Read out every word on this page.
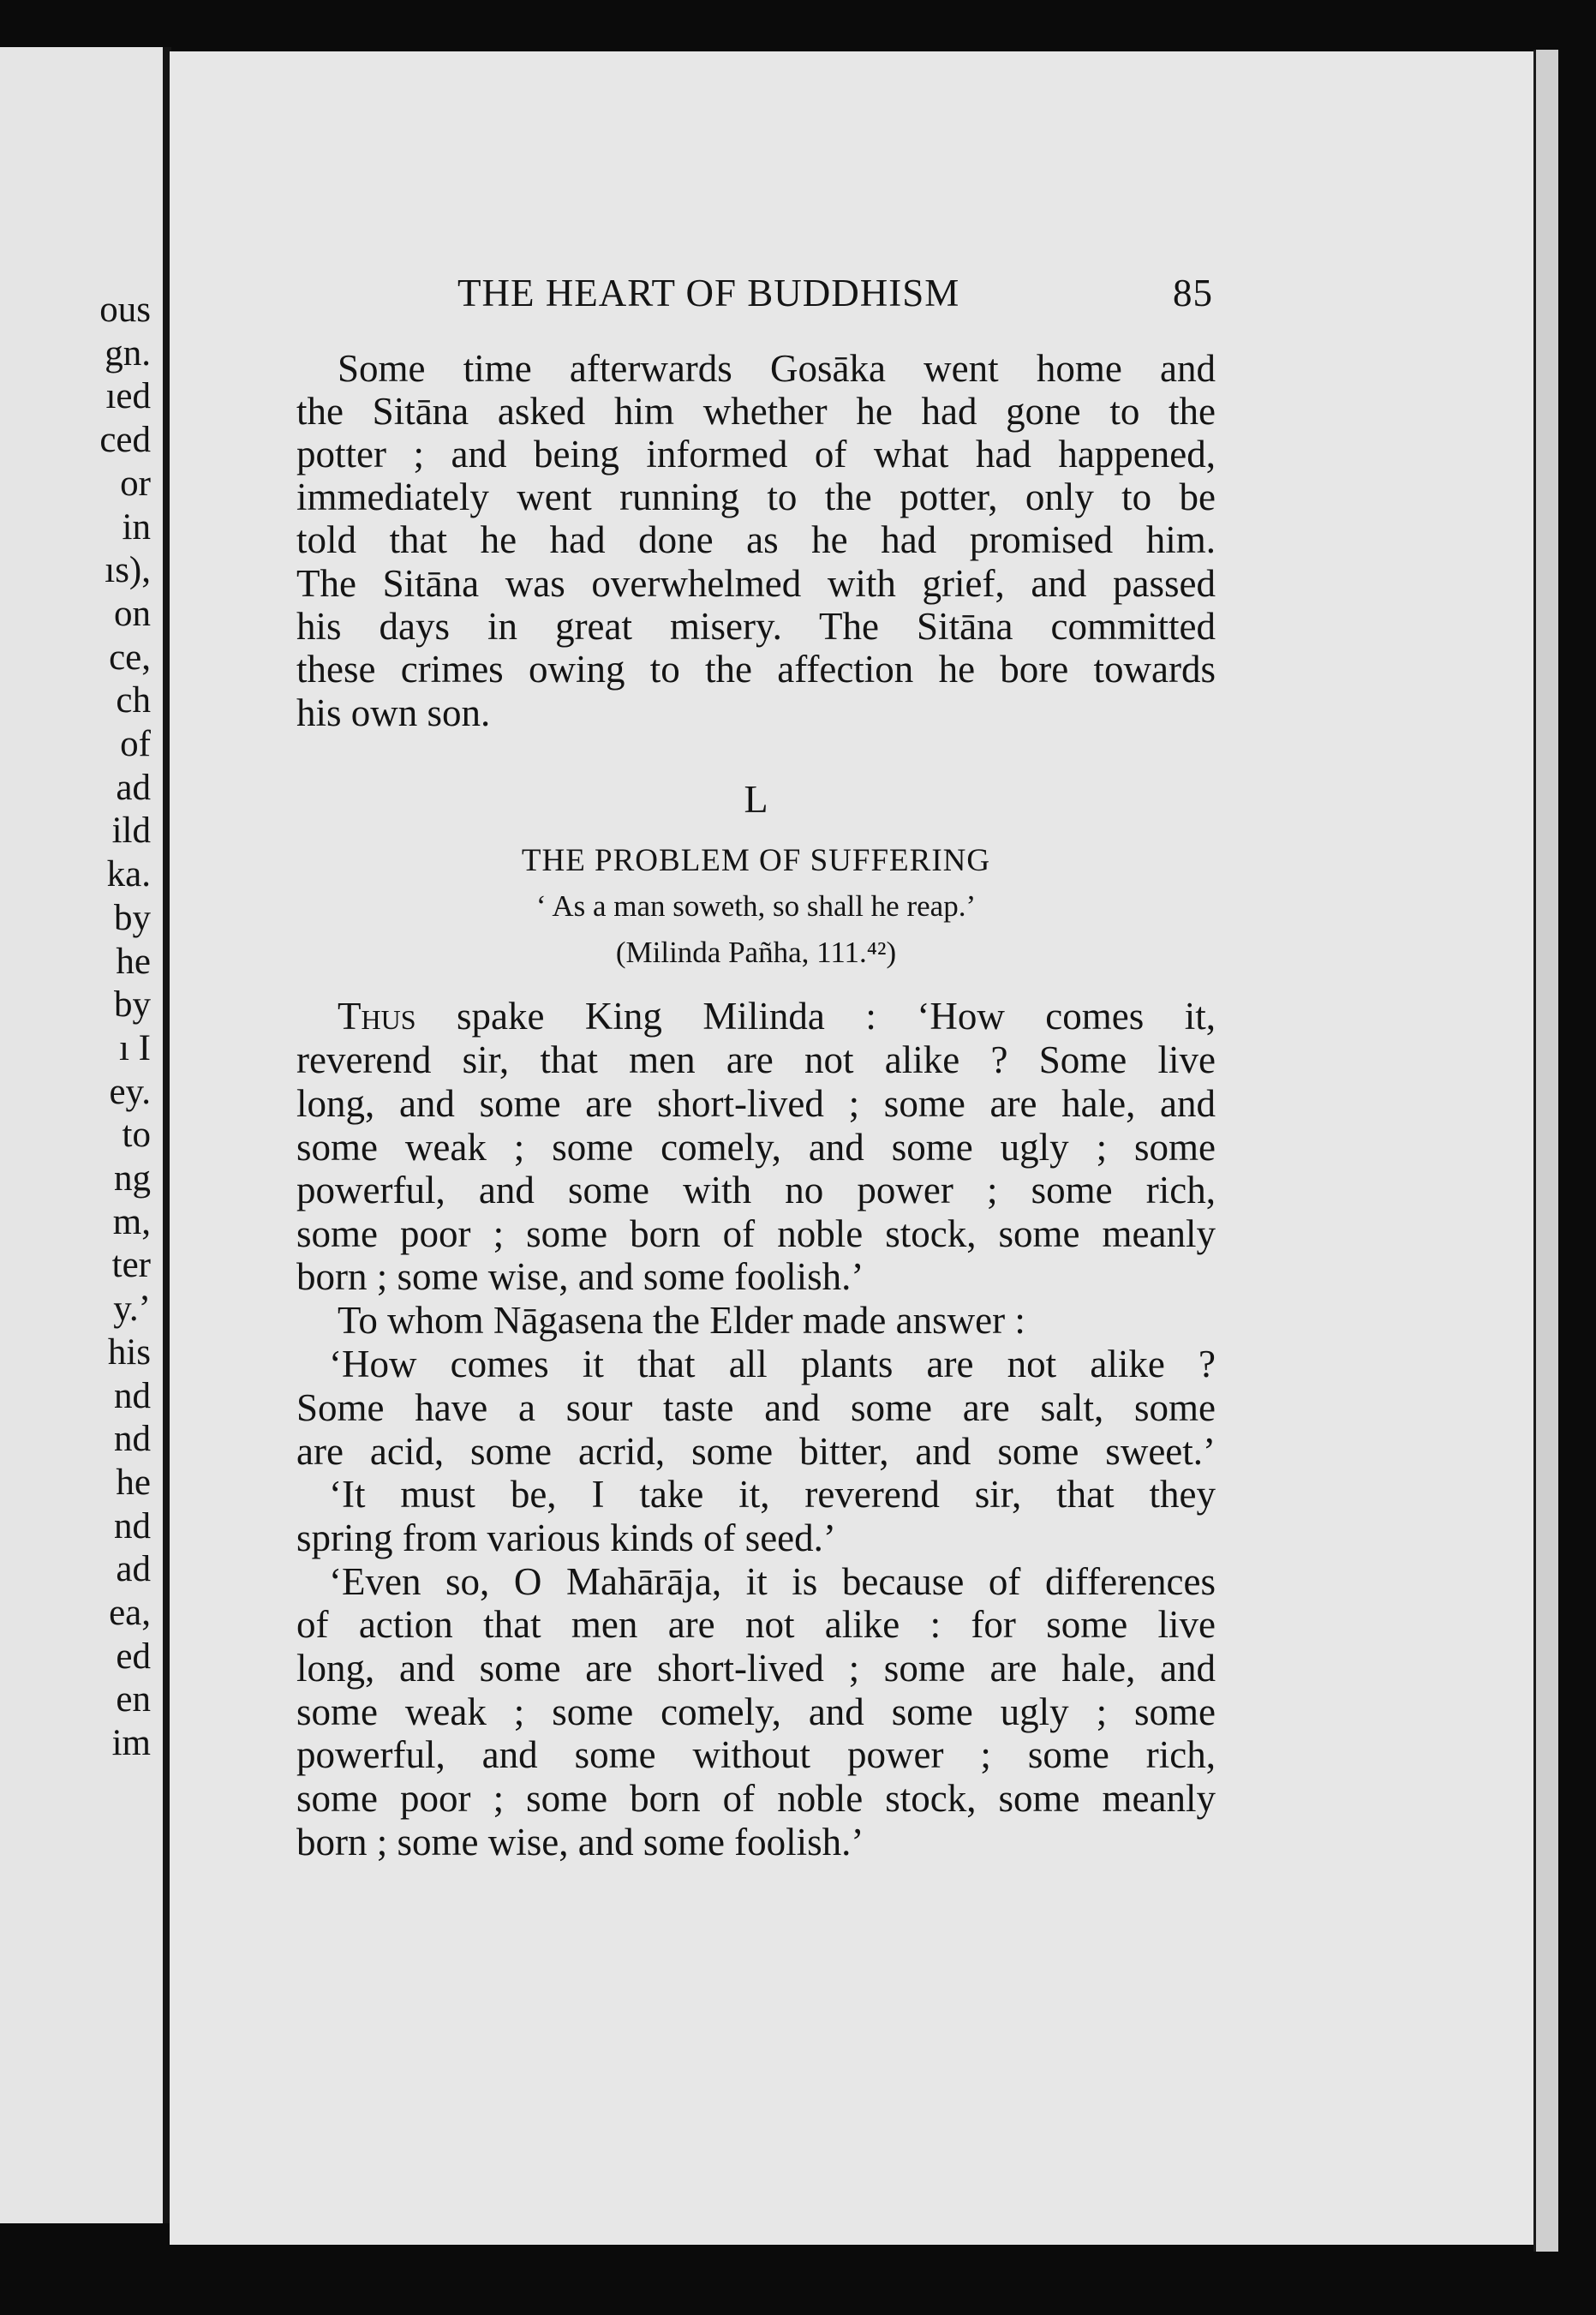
ous
gn.
ıed
ced
or
in
ıs),
on
ce,
ch
of
ad
ild
ka.
by
he
by
ı I
ey.
to
ng
m,
ter
y.’
his
nd
nd
he
nd
ad
ea,
ed
en
im
THE HEART OF BUDDHISM	85
Some time afterwards Gosāka went home and
the Sitāna asked him whether he had gone to the
potter ; and being informed of what had happened,
immediately went running to the potter, only to be
told that he had done as he had promised him.
The Sitāna was overwhelmed with grief, and passed
his days in great misery. The Sitāna committed
these crimes owing to the affection he bore towards
his own son.
L
THE PROBLEM OF SUFFERING
‘ As a man soweth, so shall he reap.’
(Milinda Pañha, 111.⁴²)
Thus spake King Milinda : ‘How comes it,
reverend sir, that men are not alike ? Some live
long, and some are short-lived ; some are hale, and
some weak ; some comely, and some ugly ; some
powerful, and some with no power ; some rich,
some poor ; some born of noble stock, some meanly
born ; some wise, and some foolish.’
To whom Nāgasena the Elder made answer :
‘How comes it that all plants are not alike ?
Some have a sour taste and some are salt, some
are acid, some acrid, some bitter, and some sweet.’
‘It must be, I take it, reverend sir, that they
spring from various kinds of seed.’
‘Even so, O Mahārāja, it is because of differences
of action that men are not alike : for some live
long, and some are short-lived ; some are hale, and
some weak ; some comely, and some ugly ; some
powerful, and some without power ; some rich,
some poor ; some born of noble stock, some meanly
born ; some wise, and some foolish.’
